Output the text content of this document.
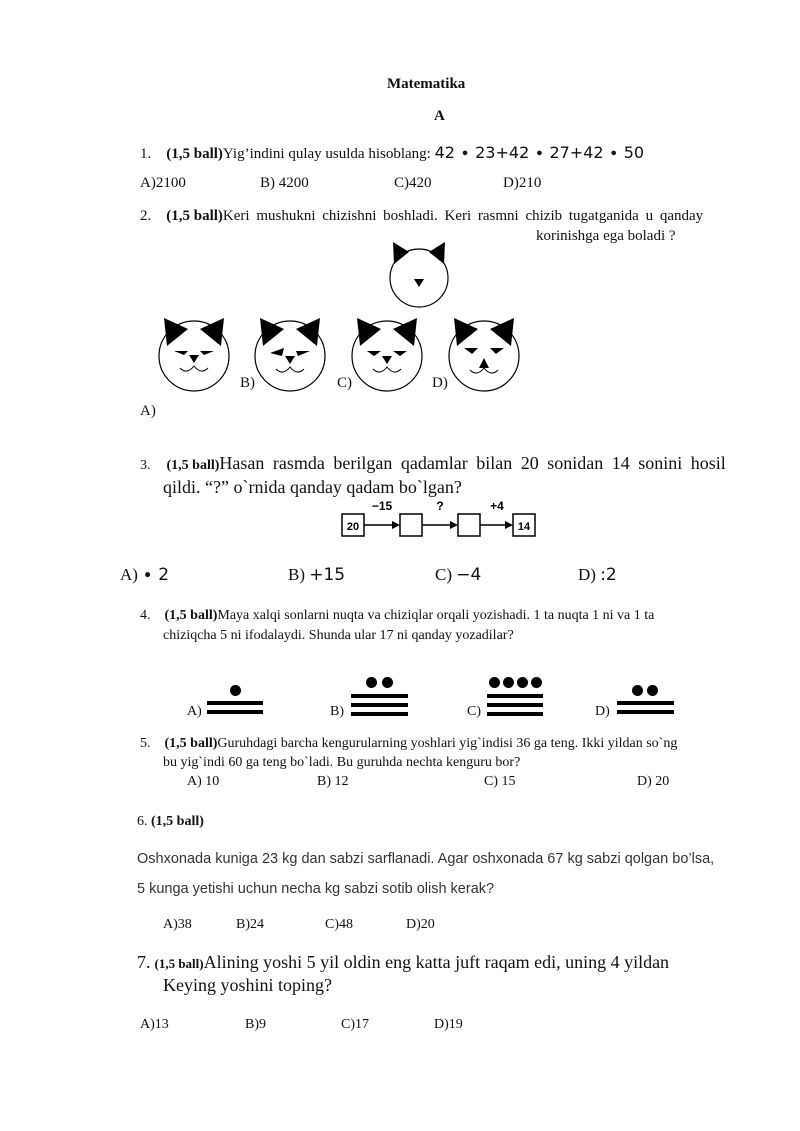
Matematika
A
1. (1,5 ball)Yig’indini qulay usulda hisoblang: 42 ∙ 23+42 ∙ 27+42 ∙ 50
A)2100	B) 4200	C)420	D)210
2. (1,5 ball)Keri mushukni chizishni boshladi. Keri rasmni chizib tugatganida u qanday
korinishga ega boladi ?
A)
B)	C)	D)
3. (1,5 ball)Hasan rasmda berilgan qadamlar bilan 20 sonidan 14 sonini hosil
qildi. “?” o`rnida qanday qadam bo`lgan?
20
−15	?	+4
14
A) ∙ 2	B) +15	C) −4	D) :2
4. (1,5 ball)Maya xalqi sonlarni nuqta va chiziqlar orqali yozishadi. 1 ta nuqta 1 ni va 1 ta
chiziqcha 5 ni ifodalaydi. Shunda ular 17 ni qanday yozadilar?
A)	B)	C)	D)
5. (1,5 ball)Guruhdagi barcha kengurularning yoshlari yig`indisi 36 ga teng. Ikki yildan so`ng
bu yig`indi 60 ga teng bo`ladi. Bu guruhda nechta kenguru bor?
A) 10	B) 12	C) 15	D) 20
6. (1,5 ball)
Oshxonada kuniga 23 kg dan sabzi sarflanadi. Agar oshxonada 67 kg sabzi qolgan bo’lsa,
5 kunga yetishi uchun necha kg sabzi sotib olish kerak?
A)38	B)24	C)48	D)20
7. (1,5 ball)Alining yoshi 5 yil oldin eng katta juft raqam edi, uning 4 yildan
Keying yoshini toping?
A)13	B)9	C)17	D)19
